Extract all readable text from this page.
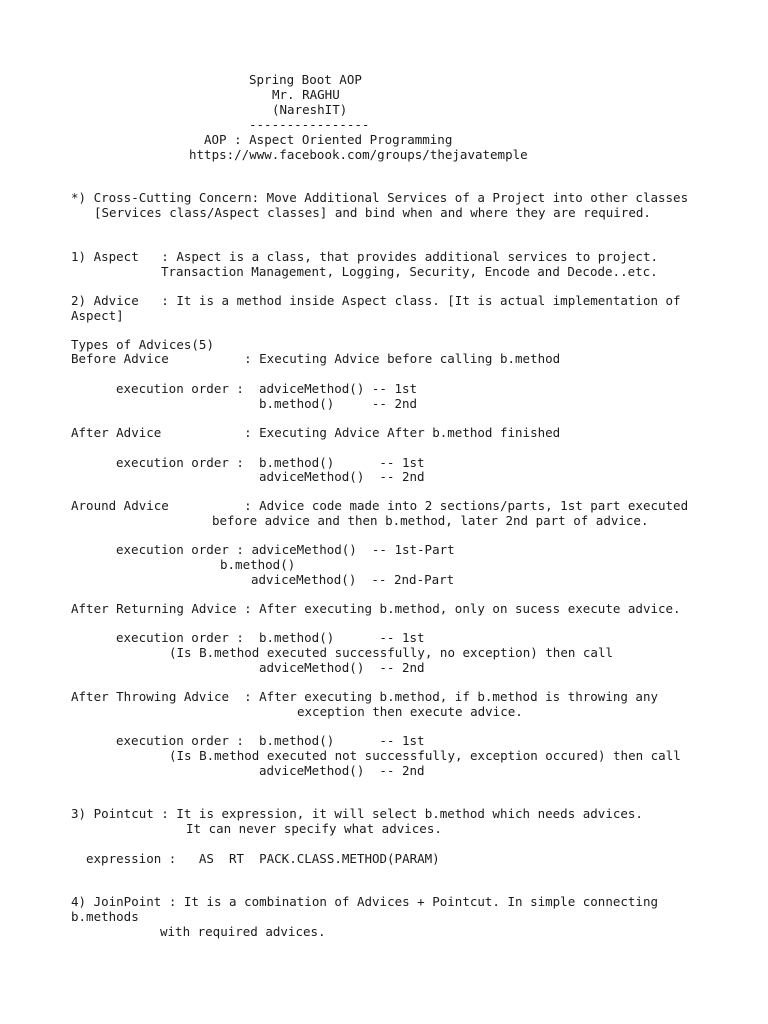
Spring Boot AOP
Mr. RAGHU
(NareshIT)
----------------
AOP : Aspect Oriented Programming
https://www.facebook.com/groups/thejavatemple
*) Cross-Cutting Concern: Move Additional Services of a Project into other classes
[Services class/Aspect classes] and bind when and where they are required.
1) Aspect   : Aspect is a class, that provides additional services to project.
Transaction Management, Logging, Security, Encode and Decode..etc.
2) Advice   : It is a method inside Aspect class. [It is actual implementation of
Aspect]
Types of Advices(5)
Before Advice          : Executing Advice before calling b.method
execution order :  adviceMethod() -- 1st
b.method()     -- 2nd
After Advice           : Executing Advice After b.method finished
execution order :  b.method()      -- 1st
adviceMethod()  -- 2nd
Around Advice          : Advice code made into 2 sections/parts, 1st part executed
before advice and then b.method, later 2nd part of advice.
execution order : adviceMethod()  -- 1st-Part
b.method()
adviceMethod()  -- 2nd-Part
After Returning Advice : After executing b.method, only on sucess execute advice.
execution order :  b.method()      -- 1st
(Is B.method executed successfully, no exception) then call
adviceMethod()  -- 2nd
After Throwing Advice  : After executing b.method, if b.method is throwing any
exception then execute advice.
execution order :  b.method()      -- 1st
(Is B.method executed not successfully, exception occured) then call
adviceMethod()  -- 2nd
3) Pointcut : It is expression, it will select b.method which needs advices.
It can never specify what advices.
expression :   AS  RT  PACK.CLASS.METHOD(PARAM)
4) JoinPoint : It is a combination of Advices + Pointcut. In simple connecting
b.methods
with required advices.
